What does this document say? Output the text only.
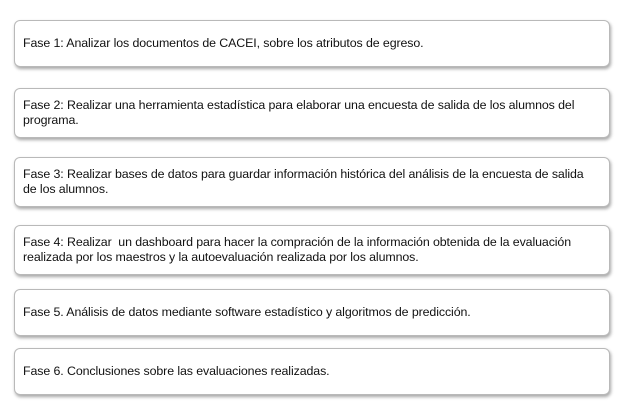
Fase 1: Analizar los documentos de CACEI, sobre los atributos de egreso.
Fase 2: Realizar una herramienta estadística para elaborar una encuesta de salida de los alumnos del programa.
Fase 3: Realizar bases de datos para guardar información histórica del análisis de la encuesta de salida de los alumnos.
Fase 4: Realizar  un dashboard para hacer la compración de la información obtenida de la evaluación realizada por los maestros y la autoevaluación realizada por los alumnos.
Fase 5. Análisis de datos mediante software estadístico y algoritmos de predicción.
Fase 6. Conclusiones sobre las evaluaciones realizadas.
